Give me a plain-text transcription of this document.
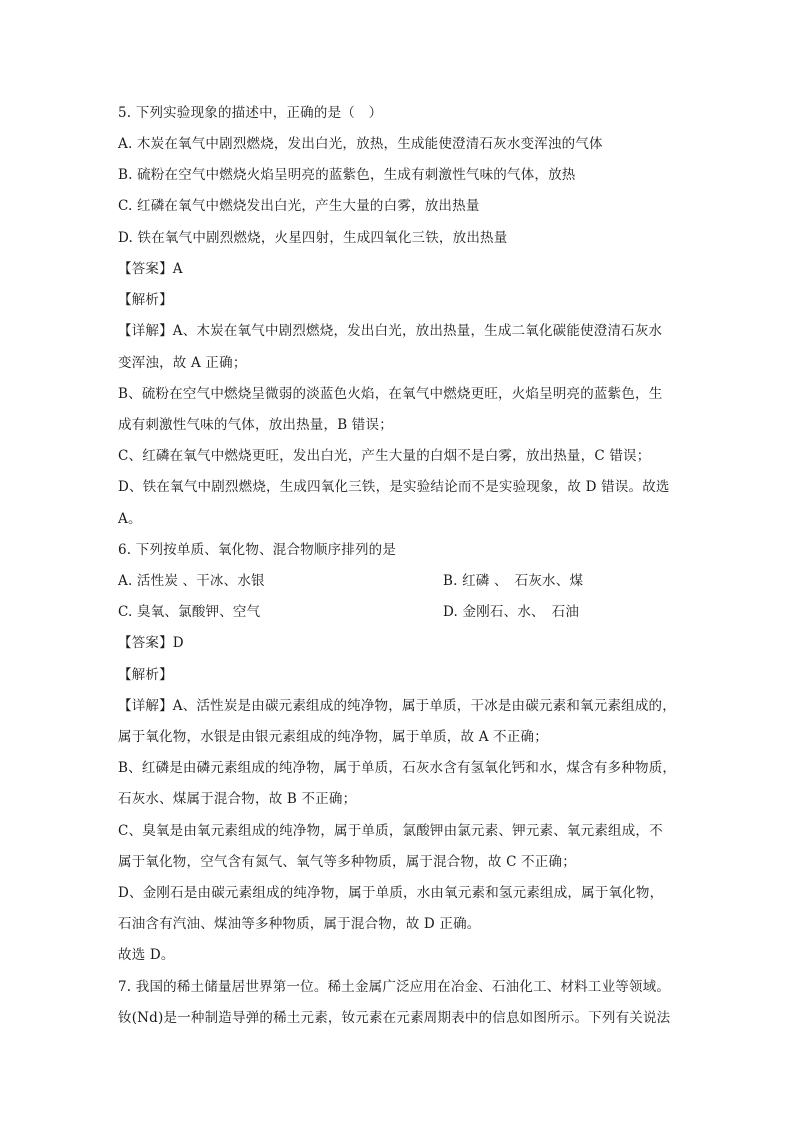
5. 下列实验现象的描述中，正确的是（　）
A. 木炭在氧气中剧烈燃烧，发出白光，放热，生成能使澄清石灰水变浑浊的气体
B. 硫粉在空气中燃烧火焰呈明亮的蓝紫色，生成有刺激性气味的气体，放热
C. 红磷在氧气中燃烧发出白光，产生大量的白雾，放出热量
D. 铁在氧气中剧烈燃烧，火星四射，生成四氧化三铁，放出热量
【答案】A
【解析】
【详解】A、木炭在氧气中剧烈燃烧，发出白光，放出热量，生成二氧化碳能使澄清石灰水
变浑浊，故 A 正确；
B、硫粉在空气中燃烧呈微弱的淡蓝色火焰，在氧气中燃烧更旺，火焰呈明亮的蓝紫色，生
成有刺激性气味的气体，放出热量，B 错误；
C、红磷在氧气中燃烧更旺，发出白光，产生大量的白烟不是白雾，放出热量，C 错误；
D、铁在氧气中剧烈燃烧，生成四氧化三铁，是实验结论而不是实验现象，故 D 错误。故选
A。
6. 下列按单质、氧化物、混合物顺序排列的是
A. 活性炭 、干冰、水银	B. 红磷 、　石灰水、煤
C. 臭氧、氯酸钾、空气	D. 金刚石、水、　石油
【答案】D
【解析】
【详解】A、活性炭是由碳元素组成的纯净物，属于单质，干冰是由碳元素和氧元素组成的，
属于氧化物，水银是由银元素组成的纯净物，属于单质，故 A 不正确；
B、红磷是由磷元素组成的纯净物，属于单质，石灰水含有氢氧化钙和水，煤含有多种物质，
石灰水、煤属于混合物，故 B 不正确；
C、臭氧是由氧元素组成的纯净物，属于单质，氯酸钾由氯元素、钾元素、氧元素组成，不
属于氧化物，空气含有氮气、氧气等多种物质，属于混合物，故 C 不正确；
D、金刚石是由碳元素组成的纯净物，属于单质，水由氧元素和氢元素组成，属于氧化物，
石油含有汽油、煤油等多种物质，属于混合物，故 D 正确。
故选 D。
7. 我国的稀土储量居世界第一位。稀土金属广泛应用在冶金、石油化工、材料工业等领域。
钕(Nd)是一种制造导弹的稀土元素，钕元素在元素周期表中的信息如图所示。下列有关说法
